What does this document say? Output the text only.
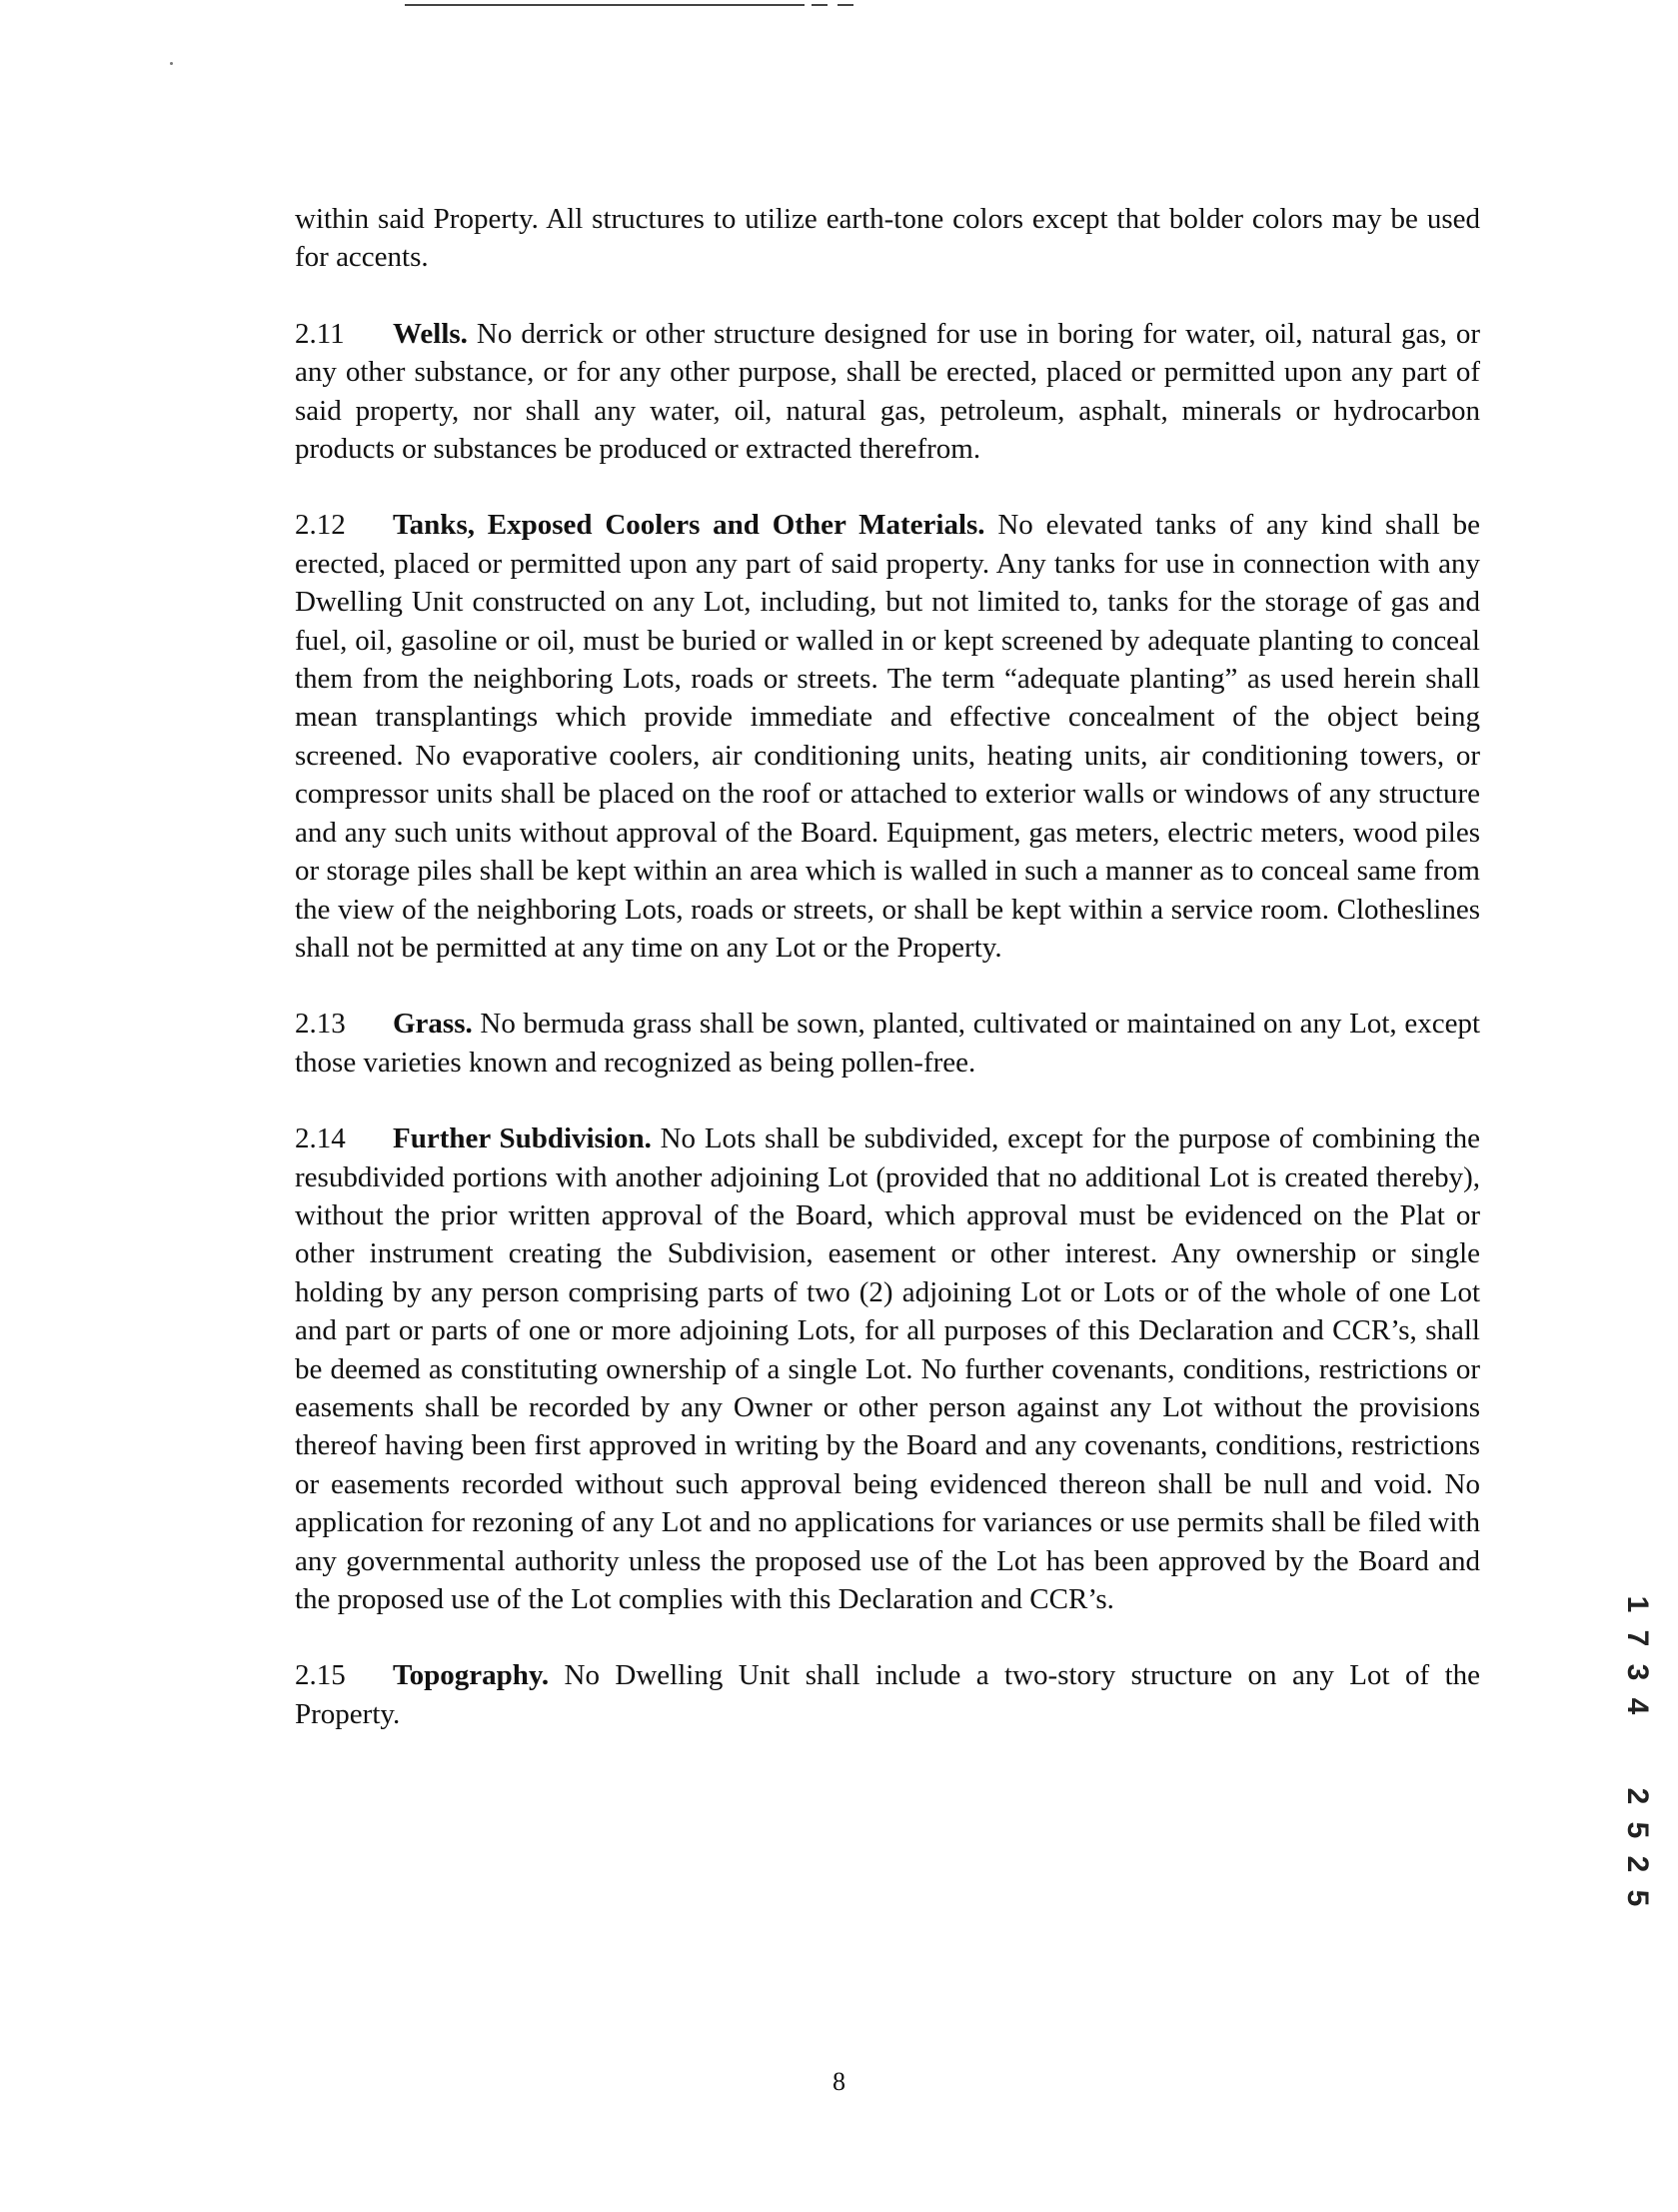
within said Property. All structures to utilize earth-tone colors except that bolder colors may be used for accents.

2.11 Wells. No derrick or other structure designed for use in boring for water, oil, natural gas, or any other substance, or for any other purpose, shall be erected, placed or permitted upon any part of said property, nor shall any water, oil, natural gas, petroleum, asphalt, minerals or hydrocarbon products or substances be produced or extracted therefrom.

2.12 Tanks, Exposed Coolers and Other Materials. No elevated tanks of any kind shall be erected, placed or permitted upon any part of said property. Any tanks for use in connection with any Dwelling Unit constructed on any Lot, including, but not limited to, tanks for the storage of gas and fuel, oil, gasoline or oil, must be buried or walled in or kept screened by adequate planting to conceal them from the neighboring Lots, roads or streets. The term “adequate planting” as used herein shall mean transplantings which provide immediate and effective concealment of the object being screened. No evaporative coolers, air conditioning units, heating units, air conditioning towers, or compressor units shall be placed on the roof or attached to exterior walls or windows of any structure and any such units without approval of the Board. Equipment, gas meters, electric meters, wood piles or storage piles shall be kept within an area which is walled in such a manner as to conceal same from the view of the neighboring Lots, roads or streets, or shall be kept within a service room. Clotheslines shall not be permitted at any time on any Lot or the Property.

2.13 Grass. No bermuda grass shall be sown, planted, cultivated or maintained on any Lot, except those varieties known and recognized as being pollen-free.

2.14 Further Subdivision. No Lots shall be subdivided, except for the purpose of combining the resubdivided portions with another adjoining Lot (provided that no additional Lot is created thereby), without the prior written approval of the Board, which approval must be evidenced on the Plat or other instrument creating the Subdivision, easement or other interest. Any ownership or single holding by any person comprising parts of two (2) adjoining Lot or Lots or of the whole of one Lot and part or parts of one or more adjoining Lots, for all purposes of this Declaration and CCR’s, shall be deemed as constituting ownership of a single Lot. No further covenants, conditions, restrictions or easements shall be recorded by any Owner or other person against any Lot without the provisions thereof having been first approved in writing by the Board and any covenants, conditions, restrictions or easements recorded without such approval being evidenced thereon shall be null and void. No application for rezoning of any Lot and no applications for variances or use permits shall be filed with any governmental authority unless the proposed use of the Lot has been approved by the Board and the proposed use of the Lot complies with this Declaration and CCR’s.

2.15 Topography. No Dwelling Unit shall include a two-story structure on any Lot of the Property.

1
7
3
4
2
5
2
5
8
